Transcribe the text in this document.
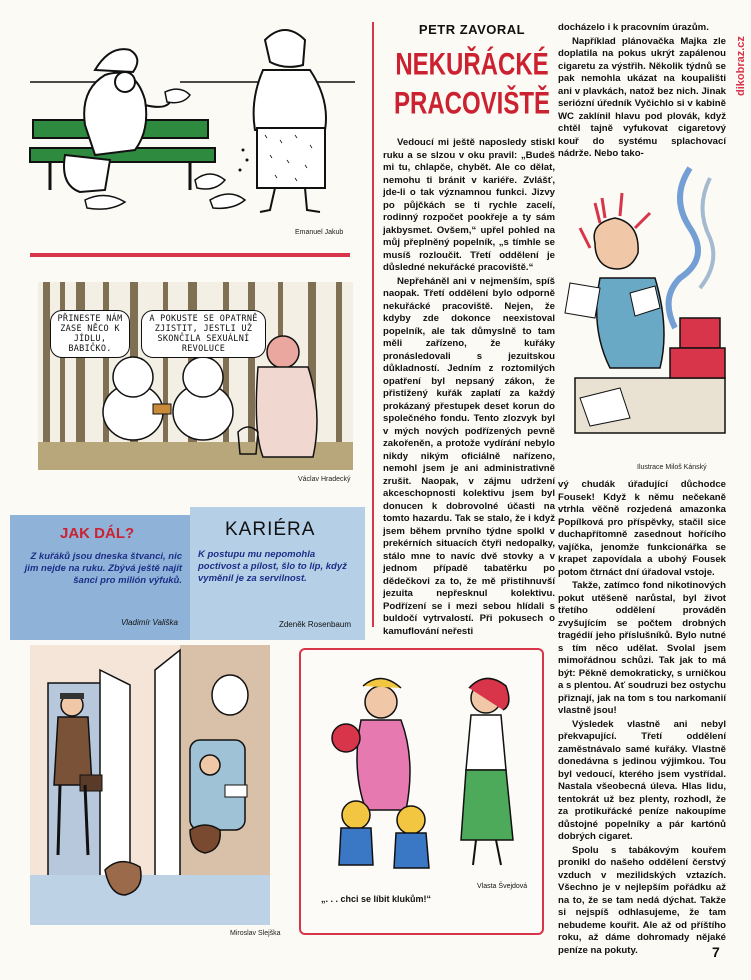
dikobraz.cz
Emanuel Jakub
PŘINESTE NÁM ZASE NĚCO K JÍDLU, BABIČKO.
A POKUSTE SE OPATRNĚ ZJISTIT, JESTLI UŽ SKONČILA SEXUÁLNÍ REVOLUCE
Václav Hradecký
JAK DÁL?
Z kuřáků jsou dneska štvanci, nic jim nejde na ruku. Zbývá ještě najít šanci pro milión výfuků.
Vladimír Vališka
KARIÉRA
K postupu mu nepomohla poctivost a pílost, šlo to líp, když vyměnil je za servilnost.
Zdeněk Rosenbaum
Miroslav Slejška
Vlasta Švejdová
„. . . chci se líbit klukům!“
PETR ZAVORAL
NEKUŘÁCKÉ
PRACOVIŠTĚ

Vedoucí mi ještě naposledy stiskl ruku a se slzou v oku pravil: „Budeš mi tu, chlapče, chybět. Ale co dělat, nemohu ti bránit v kariéře. Zvlášť, jde-li o tak významnou funkci. Jizvy po půjčkách se ti rychle zacelí, rodinný rozpočet pookřeje a ty sám jakbysmet. Ovšem,“ upřel pohled na můj přeplněný popelník, „s tímhle se musíš rozloučit. Třetí oddělení je důsledné nekuřácké pracoviště.“

Nepřeháněl ani v nejmenším, spíš naopak. Třetí oddělení bylo odporně nekuřácké pracoviště. Nejen, že kdyby zde dokonce neexistoval popelník, ale tak důmyslně to tam měli zařízeno, že kuřáky pronásledovali s jezuitskou důkladností. Jedním z roztomilých opatření byl nepsaný zákon, že přistižený kuřák zaplatí za každý prokázaný přestupek deset korun do společného fondu. Tento zlozvyk byl v mých nových podřízených pevně zakořeněn, a protože vydírání nebylo nikdy nikým oficiálně nařízeno, nemohl jsem je ani administrativně zrušit. Naopak, v zájmu udržení akceschopnosti kolektivu jsem byl donucen k dobrovolné účasti na tomto hazardu. Tak se stalo, že i když jsem během prvního týdne spolkl v prekérních situacích čtyři nedopalky, stálo mne to navíc dvě stovky a v jednom případě tabatěrku po dědečkovi za to, že mě přistihnuvší jezuita nepřesknul kolektivu. Podřízení se i mezi sebou hlídali s buldočí vytrvalostí. Při pokusech o kamuflování neřesti

docházelo i k pracovním úrazům.

Například plánovačka Majka zle doplatila na pokus ukrýt zapálenou cigaretu za výstřih. Několik týdnů se pak nemohla ukázat na koupališti ani v plavkách, natož bez nich. Jinak seriózní úředník Vyčichlo si v kabině WC zaklínil hlavu pod plovák, když chtěl tajně vyfukovat cigaretový kouř do systému splachovací nádrže. Nebo tako-

Ilustrace Miloš Kánský

vý chudák úřadující důchodce Fousek! Když k němu nečekaně vtrhla věčně rozjedená amazonka Popílková pro příspěvky, stačil sice duchapřítomně zasednout hořícího vajíčka, jenomže funkcionářka se krapet zapovídala a ubohý Fousek potom čtrnáct dní úřadoval vstoje.

Takže, zatímco fond nikotinových pokut utěšeně narůstal, byl život třetího oddělení prováděn zvyšujícím se počtem drobných tragédií jeho příslušníků. Bylo nutné s tím něco udělat. Svolal jsem mimořádnou schůzi. Tak jak to má být: Pěkně demokraticky, s urničkou a s plentou. Ať soudruzi bez ostychu přiznají, jak na tom s tou narkomanií vlastně jsou!

Výsledek vlastně ani nebyl překvapující. Třetí oddělení zaměstnávalo samé kuřáky. Vlastně donedávna s jedinou výjimkou. Tou byl vedoucí, kterého jsem vystřídal. Nastala všeobecná úleva. Hlas lidu, tentokrát už bez plenty, rozhodl, že za protikuřácké peníze nakoupíme důstojné popelníky a pár kartónů dobrých cigaret.

Spolu s tabákovým kouřem pronikl do našeho oddělení čerstvý vzduch v mezilidských vztazích. Všechno je v nejlepším pořádku až na to, že se tam nedá dýchat. Takže si nejspíš odhlasujeme, že tam nebudeme kouřit. Ale až od příštího roku, až dáme dohromady nějaké peníze na pokuty.	7
